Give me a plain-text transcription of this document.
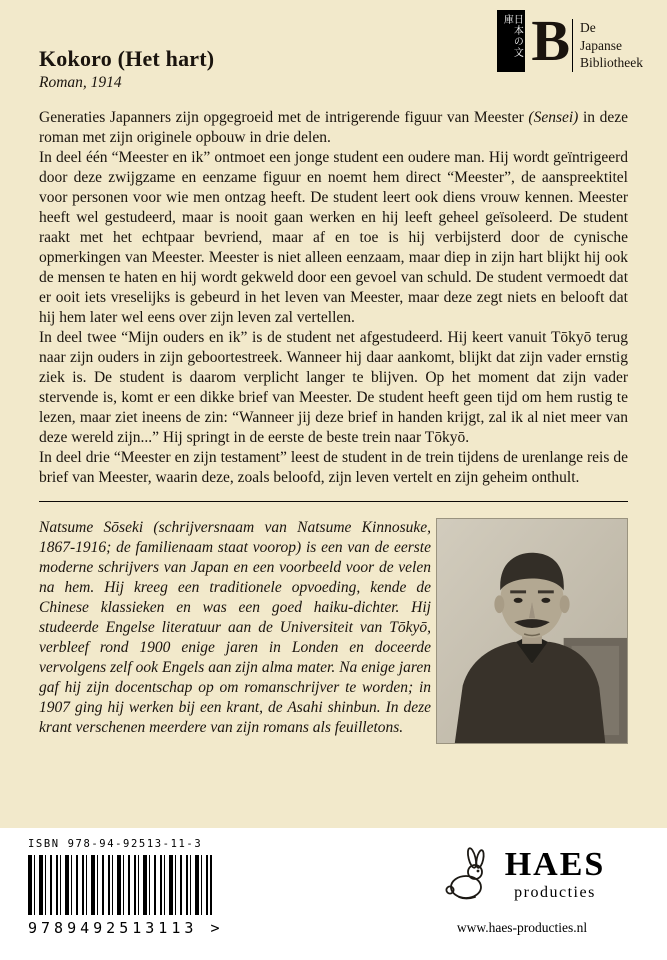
日本の文庫 B De
Japanse
Bibliotheek
Kokoro (Het hart)
Roman, 1914

Generaties Japanners zijn opgegroeid met de intrigerende figuur van Meester (Sensei) in deze roman met zijn originele opbouw in drie delen.

In deel één “Meester en ik” ontmoet een jonge student een oudere man. Hij wordt geïntrigeerd door deze zwijgzame en eenzame figuur en noemt hem direct “Meester”, de aanspreektitel voor personen voor wie men ontzag heeft. De student leert ook diens vrouw kennen. Meester heeft wel gestudeerd, maar is nooit gaan werken en hij leeft geheel geïsoleerd. De student raakt met het echtpaar bevriend, maar af en toe is hij verbijsterd door de cynische opmerkingen van Meester. Meester is niet alleen eenzaam, maar diep in zijn hart blijkt hij ook de mensen te haten en hij wordt gekweld door een gevoel van schuld. De student vermoedt dat er ooit iets vreselijks is gebeurd in het leven van Meester, maar deze zegt niets en belooft dat hij hem later wel eens over zijn leven zal vertellen.

In deel twee “Mijn ouders en ik” is de student net afgestudeerd. Hij keert vanuit Tōkyō terug naar zijn ouders in zijn geboortestreek. Wanneer hij daar aankomt, blijkt dat zijn vader ernstig ziek is. De student is daarom verplicht langer te blijven. Op het moment dat zijn vader stervende is, komt er een dikke brief van Meester. De student heeft geen tijd om hem rustig te lezen, maar ziet ineens de zin: “Wanneer jij deze brief in handen krijgt, zal ik al niet meer van deze wereld zijn...” Hij springt in de eerste de beste trein naar Tōkyō.

In deel drie “Meester en zijn testament” leest de student in de trein tijdens de urenlange reis de brief van Meester, waarin deze, zoals beloofd, zijn leven vertelt en zijn geheim onthult.

Natsume Sōseki (schrijversnaam van Natsume Kinnosuke, 1867-1916; de familienaam staat voorop) is een van de eerste moderne schrijvers van Japan en een voorbeeld voor de velen na hem. Hij kreeg een traditionele opvoeding, kende de Chinese klassieken en was een goed haiku-dichter. Hij studeerde Engelse literatuur aan de Universiteit van Tōkyō, verbleef rond 1900 enige jaren in Londen en doceerde vervolgens zelf ook Engels aan zijn alma mater. Na enige jaren gaf hij zijn docentschap op om romanschrijver te worden; in 1907 ging hij werken bij een krant, de Asahi shinbun. In deze krant verschenen meerdere van zijn romans als feuilletons.
ISBN 978-94-92513-11-3
9789492513113 >
HAES
producties
www.haes-producties.nl
